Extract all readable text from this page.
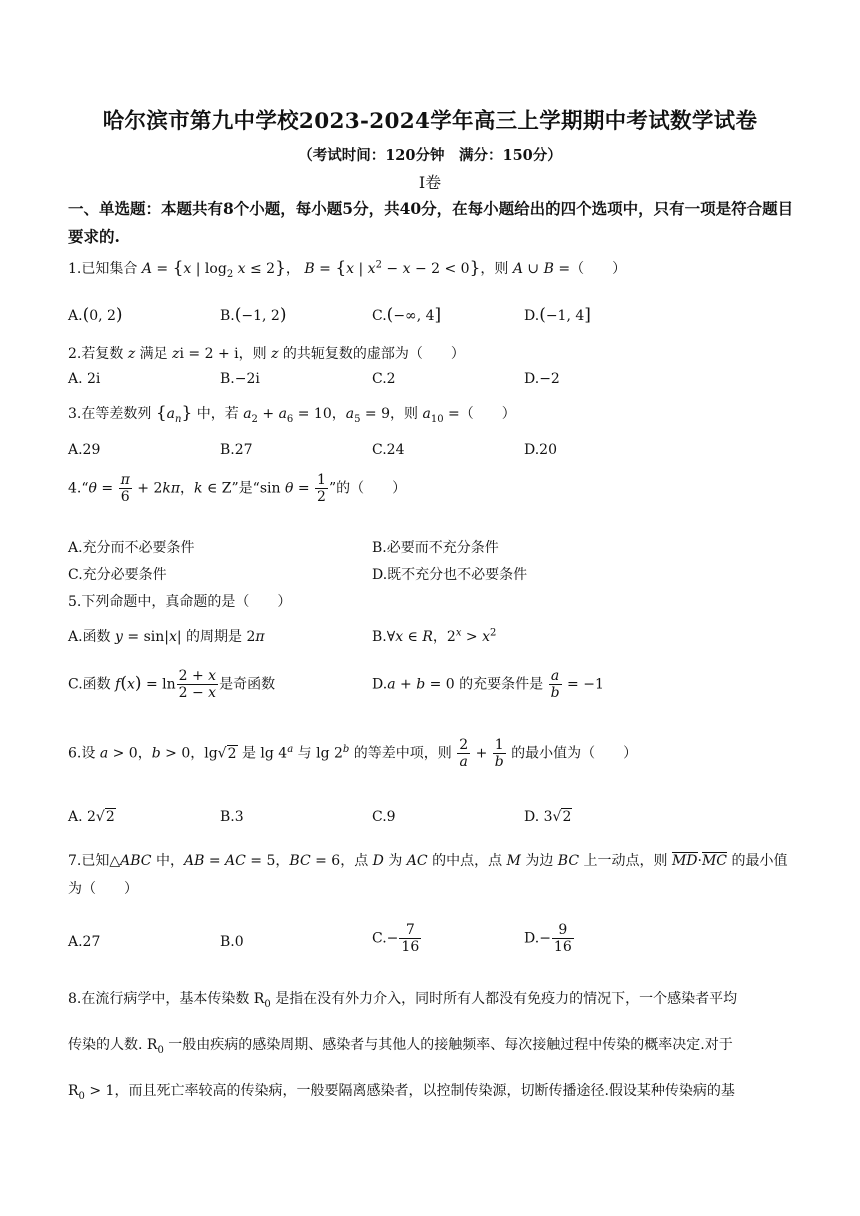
哈尔滨市第九中学校2023-2024学年高三上学期期中考试数学试卷
（考试时间：120分钟　满分：150分）
Ⅰ卷
一、单选题：本题共有8个小题，每小题5分，共40分，在每小题给出的四个选项中，只有一项是符合题目要求的.
1.已知集合 A = {x | $\log_2 x \le 2$}， B = {x | $x^2 - x - 2 < 0$}，则 A ∪ B =（　　）
A.(0, 2)	B.(−1, 2)	C.(−∞, 4]	D.(−1, 4]
2.若复数 z 满足 zi = 2 + i，则 z 的共轭复数的虚部为（　　）
A. 2i	B.−2i	C.2	D.−2
3.在等差数列 $\{a_n\}$ 中，若 $a_2 + a_6 = 10$，$a_5 = 9$，则 $a_{10}$ =（　　）
A.29	B.27	C.24	D.20
4.“θ = $\frac{\pi}{6} + 2k\pi$，k ∈ Z”是“sin $\theta = \frac{1}{2}$ ”的（　　）
A.充分而不必要条件	B.必要而不充分条件
C.充分必要条件	D.既不充分也不必要条件
5.下列命题中，真命题的是（　　）
A.函数 y = sin|x| 的周期是 2π	B.∀x ∈ R，$2^x > x^2$
C.函数 $f(x) = \ln \frac{2 + x}{2 - x}$ 是奇函数	D.a + b = 0 的充要条件是 $\frac{a}{b} = -1$
6.设 a > 0，b > 0，lg√2 是 lg 4$^a$ 与 lg 2$^b$ 的等差中项，则 $\frac{2}{a} + \frac{1}{b}$ 的最小值为（　　）
A. 2√2	B.3	C.9	D. 3√2
7.已知△ABC 中，AB = AC = 5，BC = 6，点 D 为 AC 的中点，点 M 为边 BC 上一动点，则 MD·MC 的最小值为（　　）
A.27	B.0	$C.- \frac{7}{16}$	$D.- \frac{9}{16}$
8.在流行病学中，基本传染数 $R_0$ 是指在没有外力介入，同时所有人都没有免疫力的情况下，一个感染者平均
传染的人数. $R_0$ 一般由疾病的感染周期、感染者与其他人的接触频率、每次接触过程中传染的概率决定.对于
$R_0 > 1$，而且死亡率较高的传染病，一般要隔离感染者，以控制传染源，切断传播途径.假设某种传染病的基
